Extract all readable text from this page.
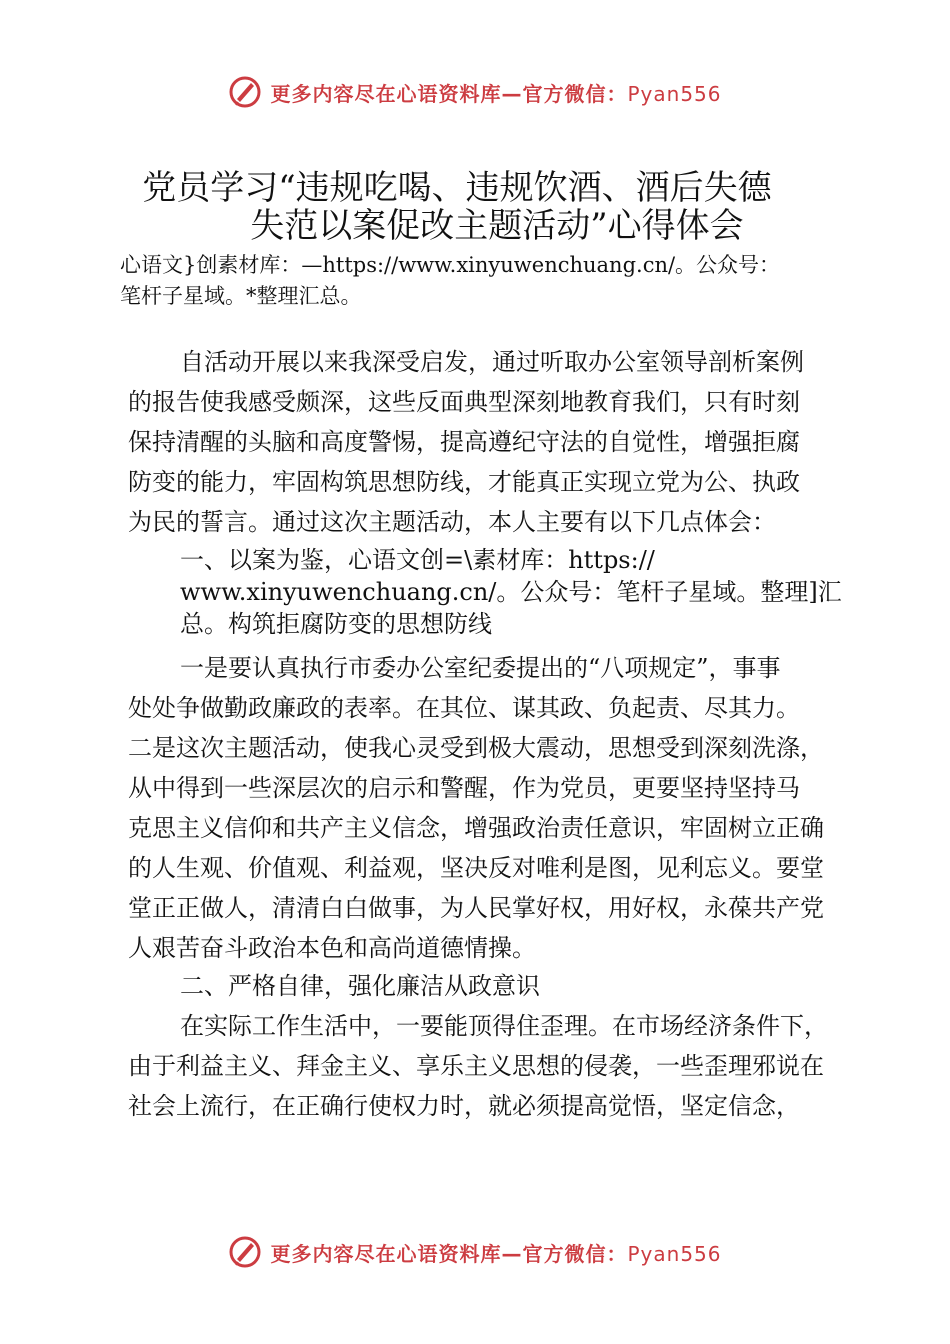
更多内容尽在心语资料库—官方微信：Pyan556
党员学习“违规吃喝、违规饮酒、酒后失德
失范以案促改主题活动”心得体会
心语文}创素材库：—https://www.xinyuwenchuang.cn/。公众号：
笔杆子星域。*整理汇总。
自活动开展以来我深受启发，通过听取办公室领导剖析案例
的报告使我感受颇深，这些反面典型深刻地教育我们，只有时刻
保持清醒的头脑和高度警惕，提高遵纪守法的自觉性，增强拒腐
防变的能力，牢固构筑思想防线，才能真正实现立党为公、执政
为民的誓言。通过这次主题活动，本人主要有以下几点体会：
一、以案为鉴，心语文创=\素材库：https://
www.xinyuwenchuang.cn/。公众号：笔杆子星域。整理]汇
总。构筑拒腐防变的思想防线
一是要认真执行市委办公室纪委提出的“八项规定”，事事
处处争做勤政廉政的表率。在其位、谋其政、负起责、尽其力。
二是这次主题活动，使我心灵受到极大震动，思想受到深刻洗涤，
从中得到一些深层次的启示和警醒，作为党员，更要坚持坚持马
克思主义信仰和共产主义信念，增强政治责任意识，牢固树立正确
的人生观、价值观、利益观，坚决反对唯利是图，见利忘义。要堂
堂正正做人，清清白白做事，为人民掌好权，用好权，永葆共产党
人艰苦奋斗政治本色和高尚道德情操。
二、严格自律，强化廉洁从政意识
在实际工作生活中，一要能顶得住歪理。在市场经济条件下，
由于利益主义、拜金主义、享乐主义思想的侵袭，一些歪理邪说在
社会上流行，在正确行使权力时，就必须提高觉悟，坚定信念，
更多内容尽在心语资料库—官方微信：Pyan556
